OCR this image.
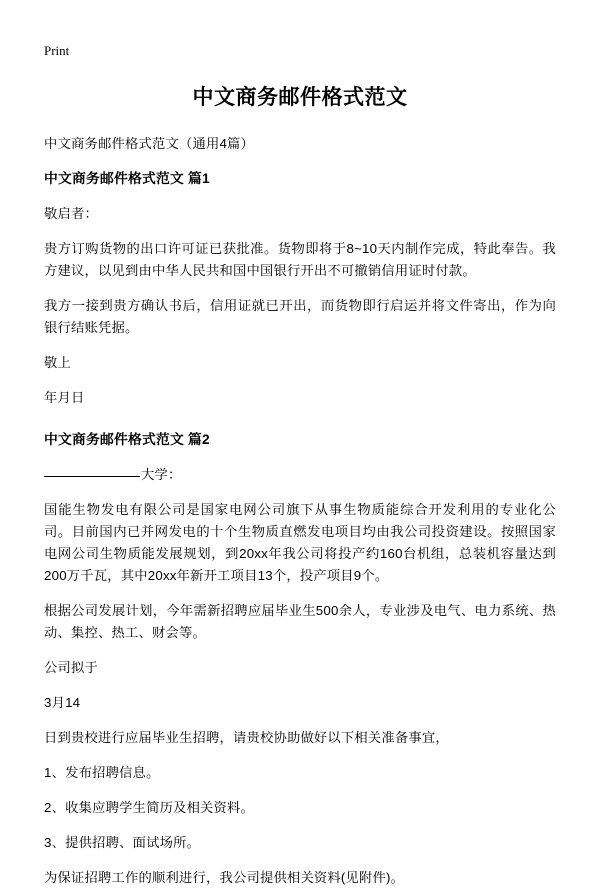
Print
中文商务邮件格式范文

中文商务邮件格式范文（通用4篇）

中文商务邮件格式范文 篇1

敬启者：

贵方订购货物的出口许可证已获批准。货物即将于8~10天内制作完成，特此奉告。我方建议，以见到由中华人民共和国中国银行开出不可撤销信用证时付款。

我方一接到贵方确认书后，信用证就已开出，而货物即行启运并将文件寄出，作为向银行结账凭据。

敬上

年月日

中文商务邮件格式范文 篇2

大学：

国能生物发电有限公司是国家电网公司旗下从事生物质能综合开发利用的专业化公司。目前国内已并网发电的十个生物质直燃发电项目均由我公司投资建设。按照国家电网公司生物质能发展规划，到20xx年我公司将投产约160台机组，总装机容量达到200万千瓦，其中20xx年新开工项目13个，投产项目9个。

根据公司发展计划，今年需新招聘应届毕业生500余人，专业涉及电气、电力系统、热动、集控、热工、财会等。

公司拟于

3月14

日到贵校进行应届毕业生招聘，请贵校协助做好以下相关准备事宜，

1、发布招聘信息。

2、收集应聘学生简历及相关资料。

3、提供招聘、面试场所。

为保证招聘工作的顺利进行，我公司提供相关资料(见附件)。
